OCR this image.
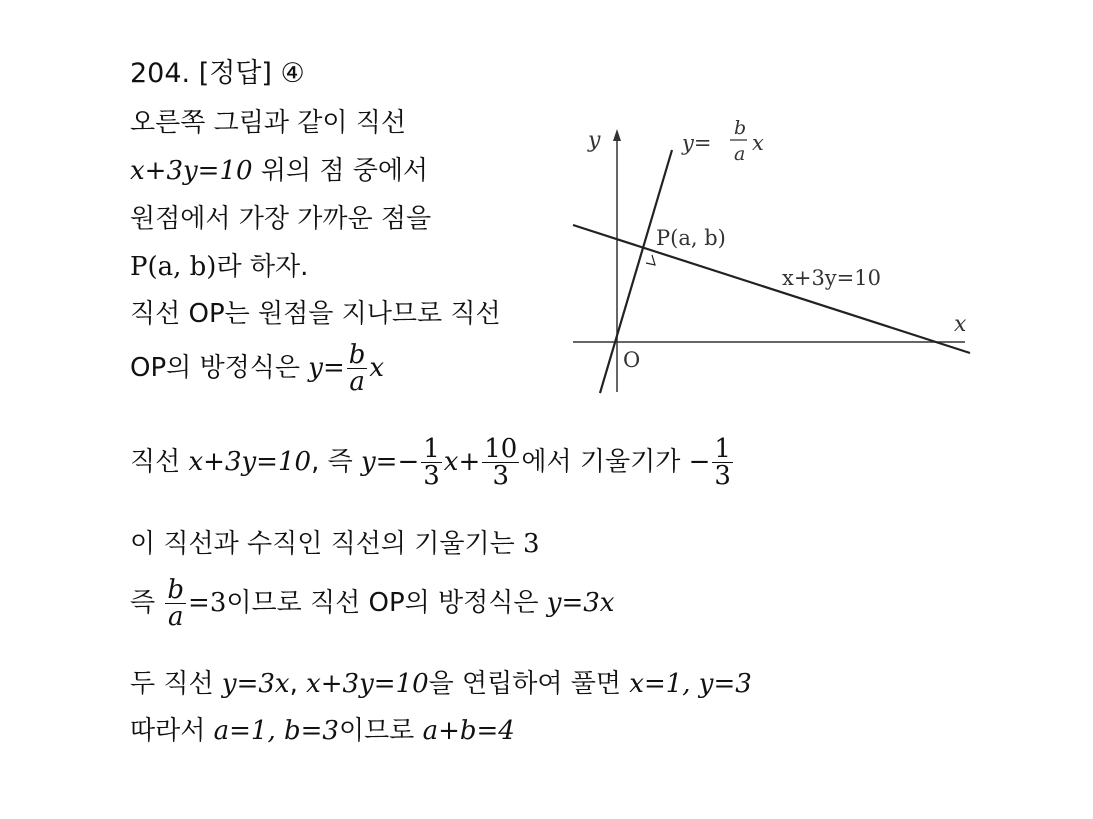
204. [정답] ④
오른쪽 그림과 같이 직선
x+3y=10 위의 점 중에서
원점에서 가장 가까운 점을
P(a, b)라 하자.
직선 OP는 원점을 지나므로 직선
OP의 방정식은 $y= \frac{b}{a}$ x
직선 x+3y=10, 즉 $y=- \frac{1}{3} x+ \frac{10}{3}$ 에서 기울기가 − $\frac{1}{3}$
이 직선과 수직인 직선의 기울기는 3
즉 $\frac{b}{a} =3$이므로 직선 OP의 방정식은 y=3x
두 직선 y=3x, x+3y=10을 연립하여 풀면 x=1, y=3
따라서 a=1, b=3이므로 a+b=4
y
x
O
y=
b
a x
P(a, b)
x+3y=10
